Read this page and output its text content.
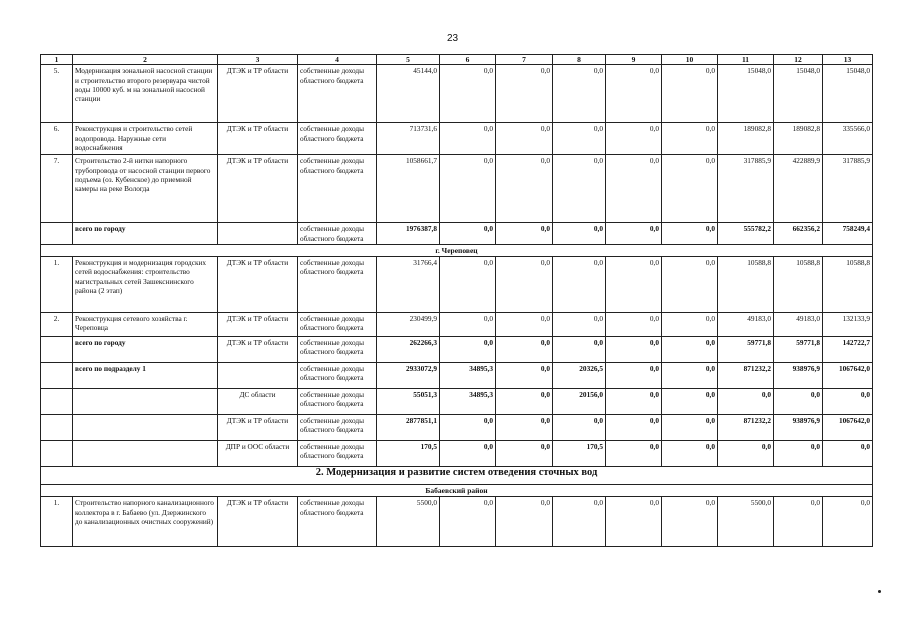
23
1	2	3	4	5	6	7	8	9	10	11	12	13
5.	Модернизация зональной насосной станции и строительство второго резервуара чистой воды 10000 куб. м на зональной насосной станции	ДТЭК и ТР области	собственные доходы областного бюджета	45144,0	0,0	0,0	0,0	0,0	0,0	15048,0	15048,0	15048,0
6.	Реконструкция и строительство сетей водопровода. Наружные сети водоснабжения	ДТЭК и ТР области	собственные доходы областного бюджета	713731,6	0,0	0,0	0,0	0,0	0,0	189082,8	189082,8	335566,0
7.	Строительство 2-й нитки напорного трубопровода от насосной станции первого подъема (оз. Кубенское) до приемной камеры на реке Вологда	ДТЭК и ТР области	собственные доходы областного бюджета	1058661,7	0,0	0,0	0,0	0,0	0,0	317885,9	422889,9	317885,9
	всего по городу		собственные доходы областного бюджета	1976387,8	0,0	0,0	0,0	0,0	0,0	555782,2	662356,2	758249,4
г. Череповец												
1.	Реконструкция и модернизация городских сетей водоснабжения: строительство магистральных сетей Зашекснинского района (2 этап)	ДТЭК и ТР области	собственные доходы областного бюджета	31766,4	0,0	0,0	0,0	0,0	0,0	10588,8	10588,8	10588,8
2.	Реконструкция сетевого хозяйства г. Череповца	ДТЭК и ТР области	собственные доходы областного бюджета	230499,9	0,0	0,0	0,0	0,0	0,0	49183,0	49183,0	132133,9
	всего по городу	ДТЭК и ТР области	собственные доходы областного бюджета	262266,3	0,0	0,0	0,0	0,0	0,0	59771,8	59771,8	142722,7
	всего по подразделу 1		собственные доходы областного бюджета	2933072,9	34895,3	0,0	20326,5	0,0	0,0	871232,2	938976,9	1067642,0
		ДС области	собственные доходы областного бюджета	55051,3	34895,3	0,0	20156,0	0,0	0,0	0,0	0,0	0,0
		ДТЭК и ТР области	собственные доходы областного бюджета	2877851,1	0,0	0,0	0,0	0,0	0,0	871232,2	938976,9	1067642,0
		ДПР и ООС области	собственные доходы областного бюджета	170,5	0,0	0,0	170,5	0,0	0,0	0,0	0,0	0,0
2. Модернизация и развитие систем отведения сточных вод												
Бабаевский район												
1.	Строительство напорного канализационного коллектора в г. Бабаево (ул. Дзержинского до канализационных очистных сооружений)	ДТЭК и ТР области	собственные доходы областного бюджета	5500,0	0,0	0,0	0,0	0,0	0,0	5500,0	0,0	0,0
